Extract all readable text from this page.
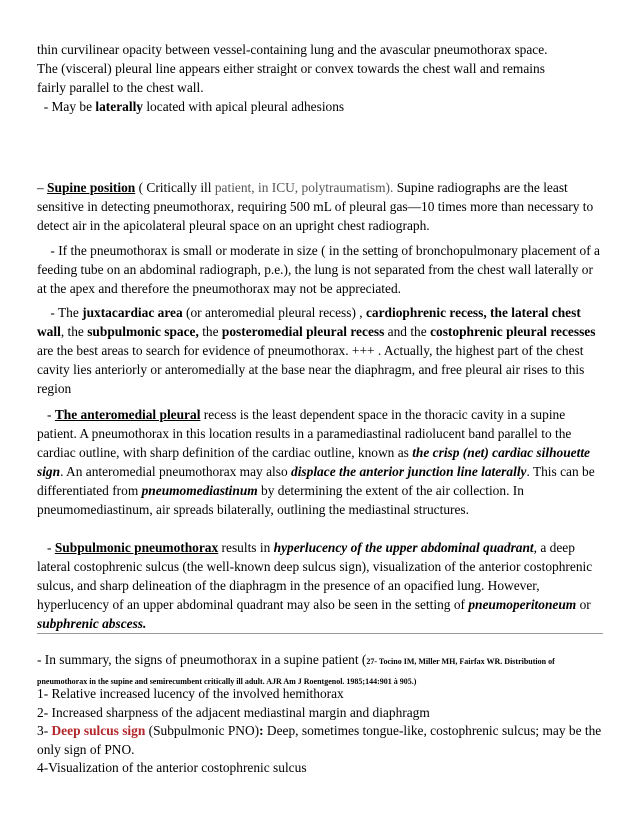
thin curvilinear opacity between vessel-containing lung and the avascular pneumothorax space.
The (visceral) pleural line appears either straight or convex towards the chest wall and remains
fairly parallel to the chest wall.
- May be laterally located with apical pleural adhesions
– Supine position ( Critically ill patient, in ICU, polytraumatism). Supine radiographs are the least sensitive in detecting pneumothorax, requiring 500 mL of pleural gas—10 times more than necessary to detect air in the apicolateral pleural space on an upright chest radiograph.
- If the pneumothorax is small or moderate in size ( in the setting of bronchopulmonary placement of a feeding tube on an abdominal radiograph, p.e.), the lung is not separated from the chest wall laterally or at the apex and therefore the pneumothorax may not be appreciated.
- The juxtacardiac area (or anteromedial pleural recess) , cardiophrenic recess, the lateral chest wall, the subpulmonic space, the posteromedial pleural recess and the costophrenic pleural recesses are the best areas to search for evidence of pneumothorax. +++ . Actually, the highest part of the chest cavity lies anteriorly or anteromedially at the base near the diaphragm, and free pleural air rises to this region
- The anteromedial pleural recess is the least dependent space in the thoracic cavity in a supine patient. A pneumothorax in this location results in a paramediastinal radiolucent band parallel to the cardiac outline, with sharp definition of the cardiac outline, known as the crisp (net) cardiac silhouette sign. An anteromedial pneumothorax may also displace the anterior junction line laterally. This can be differentiated from pneumomediastinum by determining the extent of the air collection. In pneumomediastinum, air spreads bilaterally, outlining the mediastinal structures.
- Subpulmonic pneumothorax results in hyperlucency of the upper abdominal quadrant, a deep lateral costophrenic sulcus (the well-known deep sulcus sign), visualization of the anterior costophrenic sulcus, and sharp delineation of the diaphragm in the presence of an opacified lung. However, hyperlucency of an upper abdominal quadrant may also be seen in the setting of pneumoperitoneum or subphrenic abscess.
- In summary, the signs of pneumothorax in a supine patient (27- Tocino IM, Miller MH, Fairfax WR. Distribution of pneumothorax in the supine and semirecumbent critically ill adult. AJR Am J Roentgenol. 1985;144:901 à 905.)
1- Relative increased lucency of the involved hemithorax
2- Increased sharpness of the adjacent mediastinal margin and diaphragm
3- Deep sulcus sign (Subpulmonic PNO): Deep, sometimes tongue-like, costophrenic sulcus; may be the only sign of PNO.
4-Visualization of the anterior costophrenic sulcus
